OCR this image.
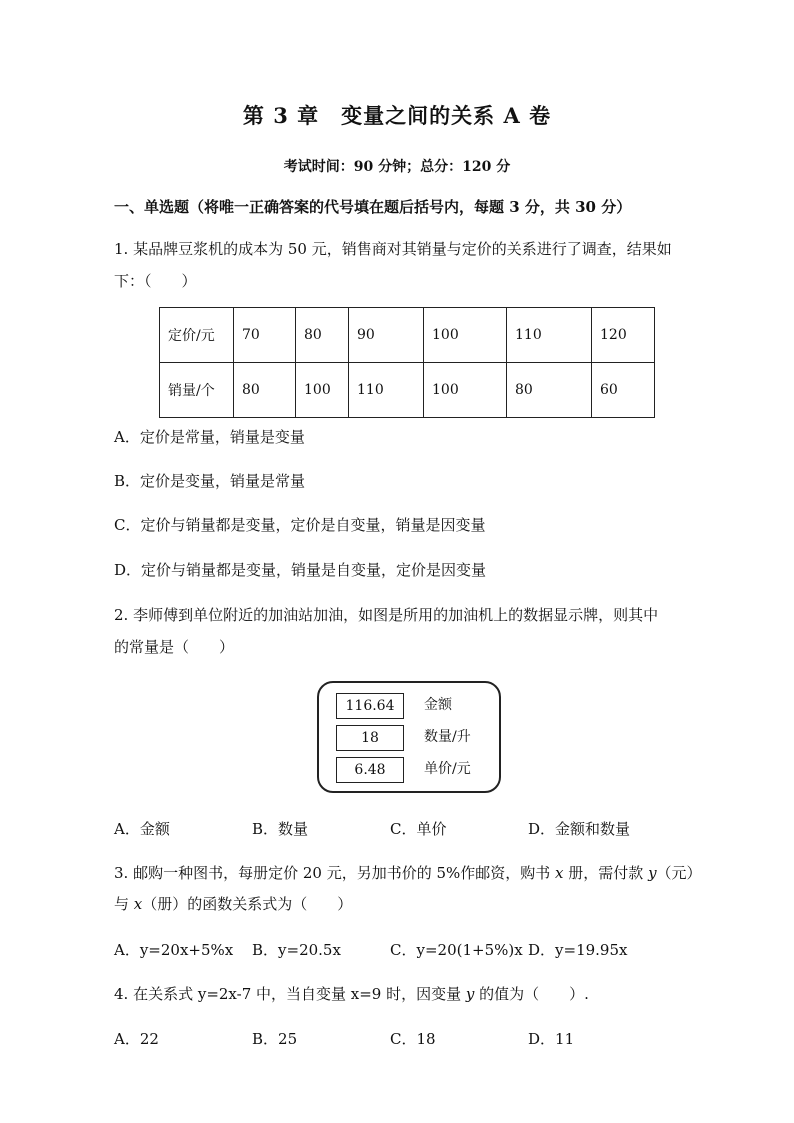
第 3 章　变量之间的关系 A 卷
考试时间：90 分钟；总分：120 分
一、单选题（将唯一正确答案的代号填在题后括号内，每题 3 分，共 30 分）
1. 某品牌豆浆机的成本为 50 元，销售商对其销量与定价的关系进行了调查，结果如
下：（　　）
定价/元	70	80	90	100	110	120
销量/个	80	100	110	100	80	60
A．定价是常量，销量是变量
B．定价是变量，销量是常量
C．定价与销量都是变量，定价是自变量，销量是因变量
D．定价与销量都是变量，销量是自变量，定价是因变量
2. 李师傅到单位附近的加油站加油，如图是所用的加油机上的数据显示牌，则其中
的常量是（　　）
116.64	金额
18	数量/升
6.48	单价/元
A．金额	B．数量	C．单价	D．金额和数量
3. 邮购一种图书，每册定价 20 元，另加书价的 5%作邮资，购书 x 册，需付款 y（元）
与 x（册）的函数关系式为（　　）
A．y=20x+5%x B．y=20.5x	C．y=20(1+5%)x D．y=19.95x
4. 在关系式 y=2x-7 中，当自变量 x=9 时，因变量 y 的值为（　　）.
A．22	B．25	C．18	D．11
